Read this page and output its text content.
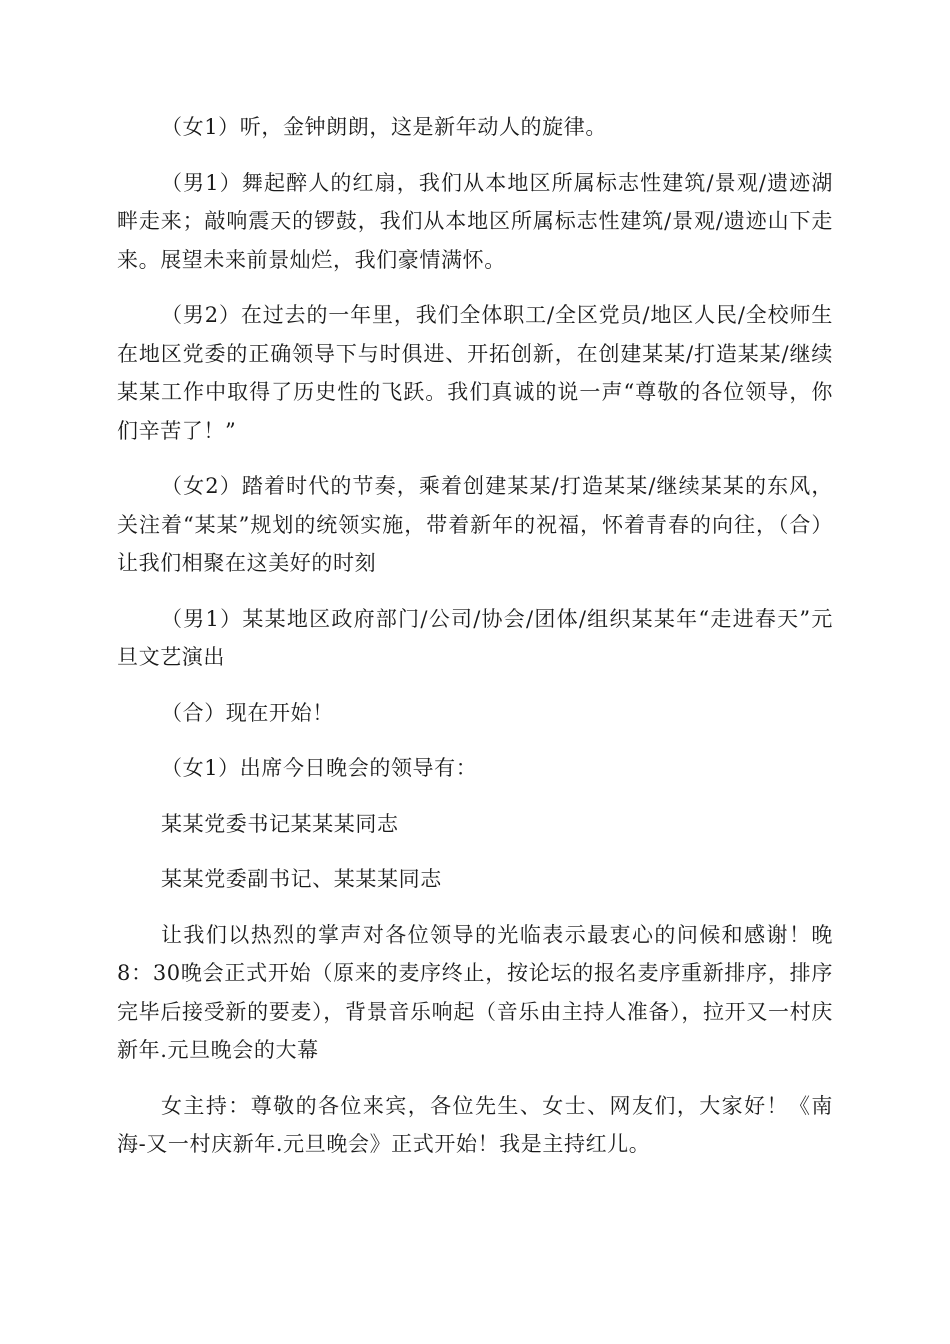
（女1）听，金钟朗朗，这是新年动人的旋律。

（男1）舞起醉人的红扇，我们从本地区所属标志性建筑/景观/遗迹湖畔走来；敲响震天的锣鼓，我们从本地区所属标志性建筑/景观/遗迹山下走来。展望未来前景灿烂，我们豪情满怀。

（男2）在过去的一年里，我们全体职工/全区党员/地区人民/全校师生在地区党委的正确领导下与时俱进、开拓创新，在创建某某/打造某某/继续某某工作中取得了历史性的飞跃。我们真诚的说一声“尊敬的各位领导，你们辛苦了！”

（女2）踏着时代的节奏，乘着创建某某/打造某某/继续某某的东风，关注着“某某”规划的统领实施，带着新年的祝福，怀着青春的向往，（合）让我们相聚在这美好的时刻

（男1）某某地区政府部门/公司/协会/团体/组织某某年“走进春天”元旦文艺演出

（合）现在开始！

（女1）出席今日晚会的领导有：

某某党委书记某某某同志

某某党委副书记、某某某同志

让我们以热烈的掌声对各位领导的光临表示最衷心的问候和感谢！晚8：30晚会正式开始（原来的麦序终止，按论坛的报名麦序重新排序，排序完毕后接受新的要麦），背景音乐响起（音乐由主持人准备），拉开又一村庆新年.元旦晚会的大幕

女主持：尊敬的各位来宾，各位先生、女士、网友们，大家好！《南海-又一村庆新年.元旦晚会》正式开始！我是主持红儿。
